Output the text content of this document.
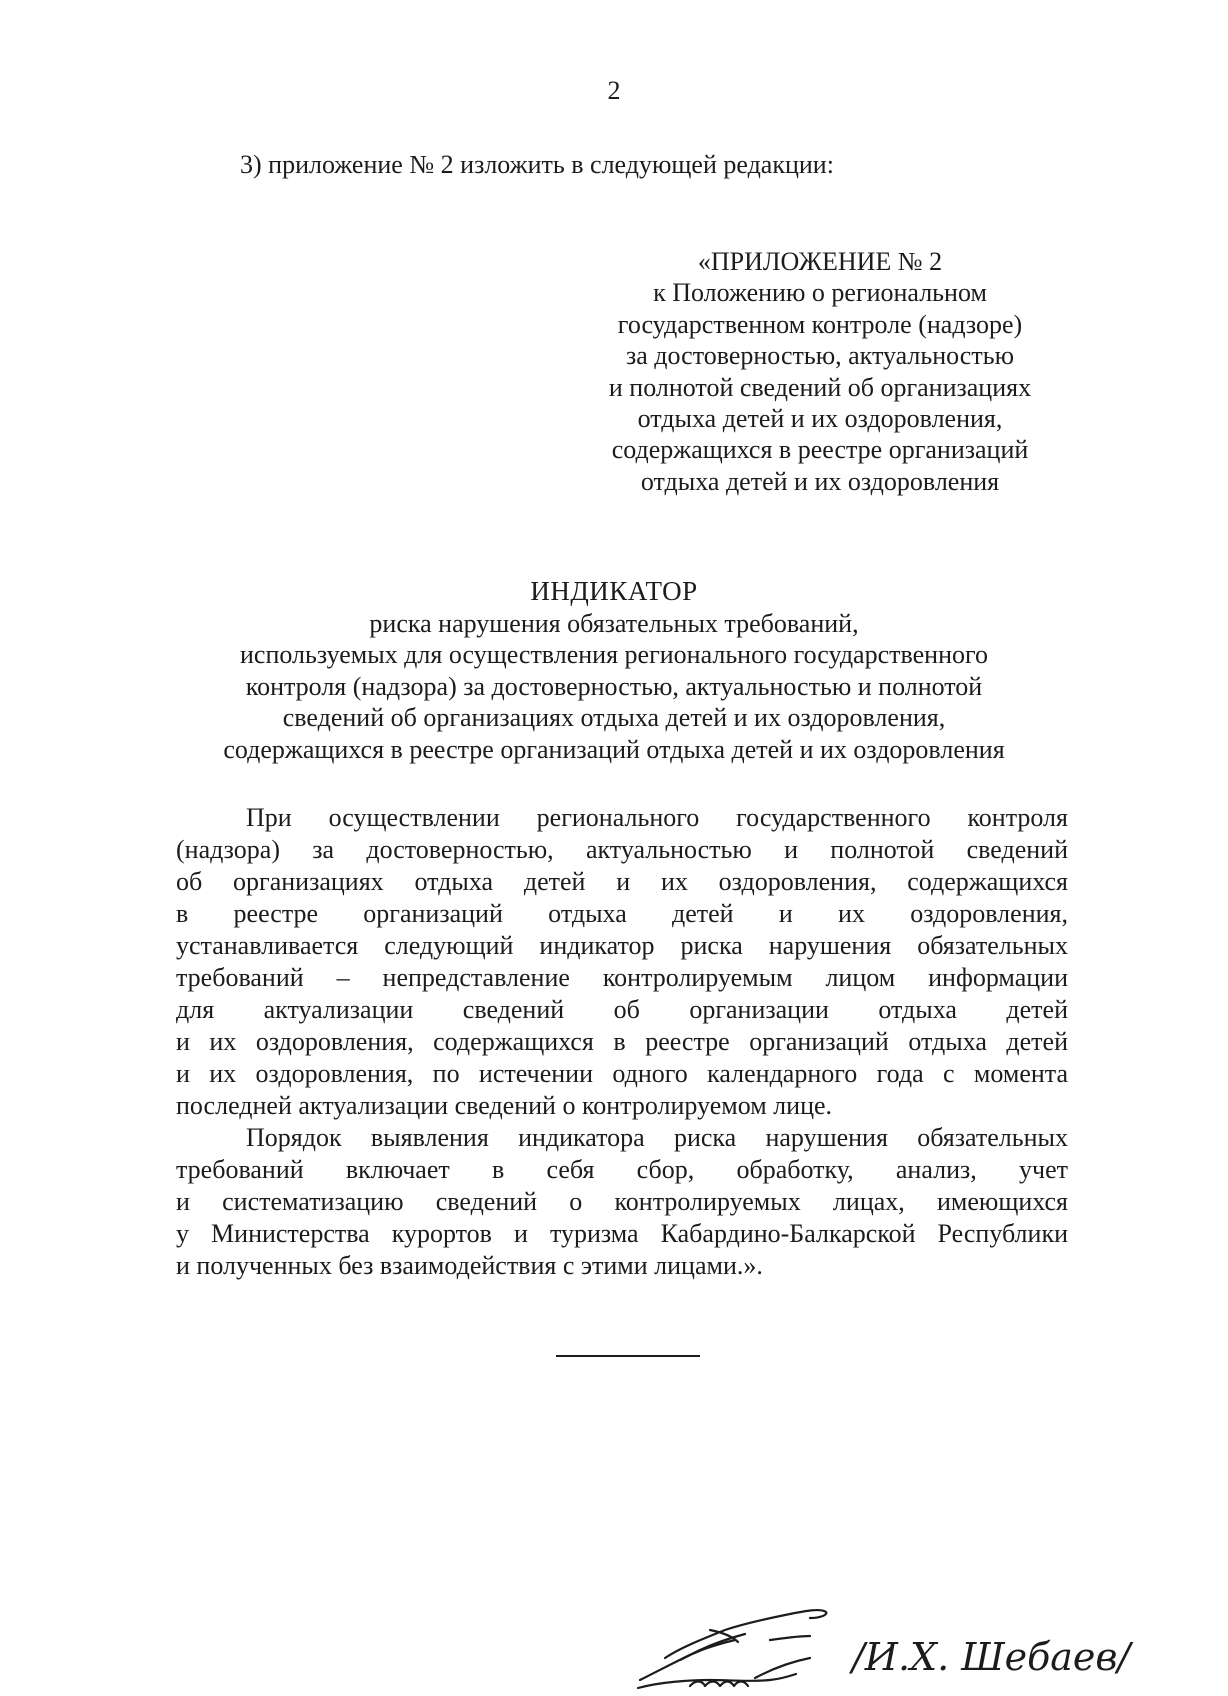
2
3) приложение № 2 изложить в следующей редакции:
«ПРИЛОЖЕНИЕ № 2
к Положению о региональном
государственном контроле (надзоре)
за достоверностью, актуальностью
и полнотой сведений об организациях
отдыха детей и их оздоровления,
содержащихся в реестре организаций
отдыха детей и их оздоровления
ИНДИКАТОР
риска нарушения обязательных требований,
используемых для осуществления регионального государственного
контроля (надзора) за достоверностью, актуальностью и полнотой
сведений об организациях отдыха детей и их оздоровления,
содержащихся в реестре организаций отдыха детей и их оздоровления
При осуществлении регионального государственного контроля
(надзора) за достоверностью, актуальностью и полнотой сведений
об организациях отдыха детей и их оздоровления, содержащихся
в реестре организаций отдыха детей и их оздоровления,
устанавливается следующий индикатор риска нарушения обязательных
требований – непредставление контролируемым лицом информации
для актуализации сведений об организации отдыха детей
и их оздоровления, содержащихся в реестре организаций отдыха детей
и их оздоровления, по истечении одного календарного года с момента
последней актуализации сведений о контролируемом лице.
Порядок выявления индикатора риска нарушения обязательных
требований включает в себя сбор, обработку, анализ, учет
и систематизацию сведений о контролируемых лицах, имеющихся
у Министерства курортов и туризма Кабардино-Балкарской Республики
и полученных без взаимодействия с этими лицами.».
/И.Х. Шебаев/
